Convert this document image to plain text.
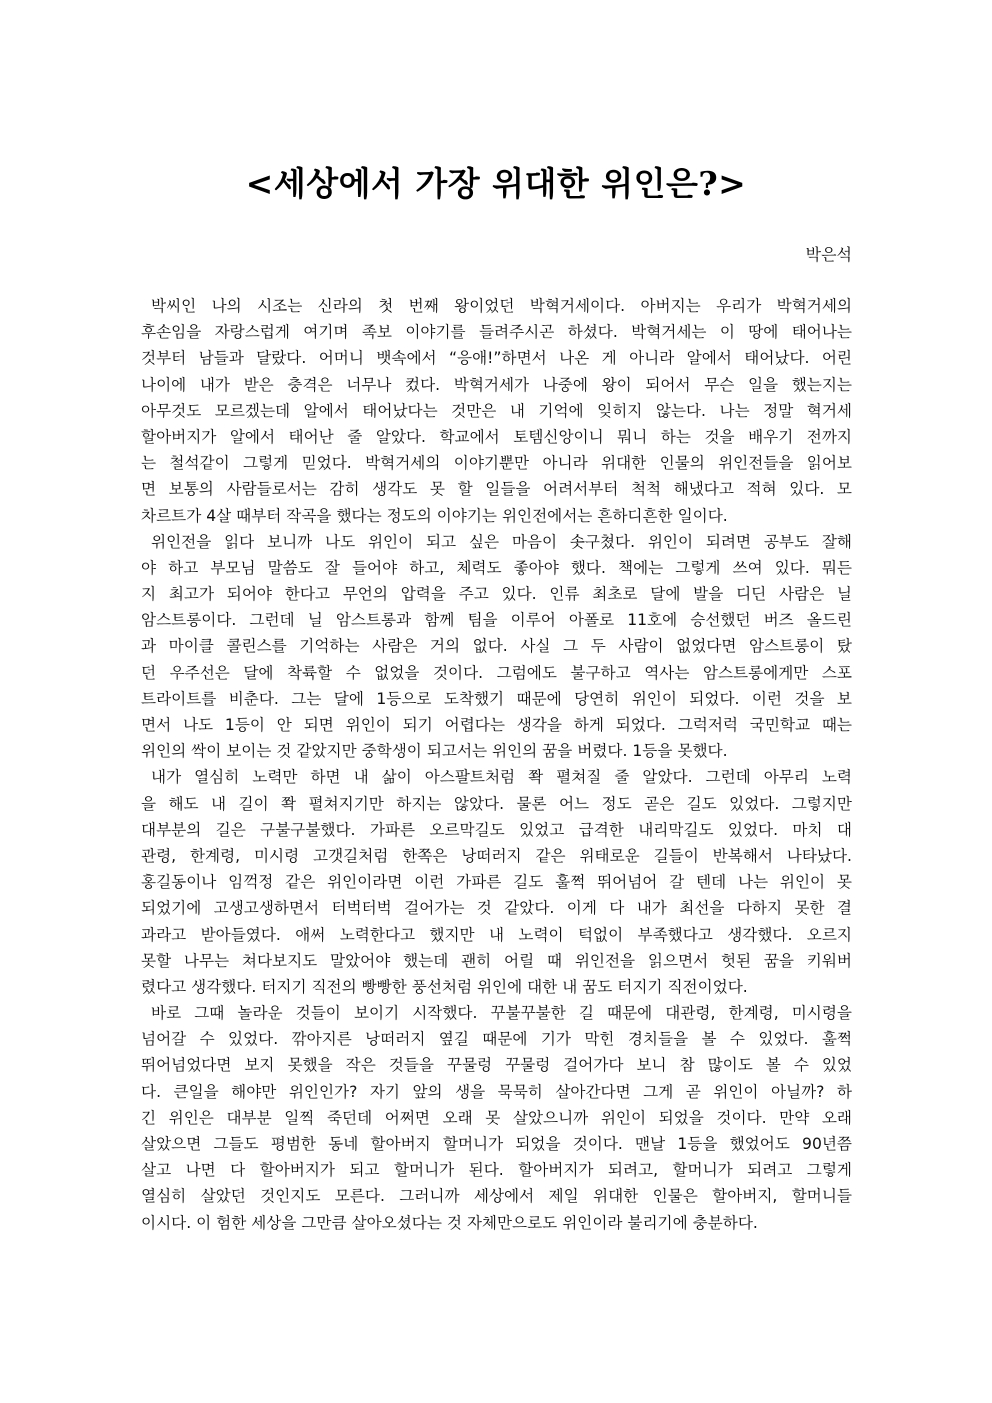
<세상에서 가장 위대한 위인은?>
박은석
박씨인 나의 시조는 신라의 첫 번째 왕이었던 박혁거세이다. 아버지는 우리가 박혁거세의
후손임을 자랑스럽게 여기며 족보 이야기를 들려주시곤 하셨다. 박혁거세는 이 땅에 태어나는
것부터 남들과 달랐다. 어머니 뱃속에서 “응애!”하면서 나온 게 아니라 알에서 태어났다. 어린
나이에 내가 받은 충격은 너무나 컸다. 박혁거세가 나중에 왕이 되어서 무슨 일을 했는지는
아무것도 모르겠는데 알에서 태어났다는 것만은 내 기억에 잊히지 않는다. 나는 정말 혁거세
할아버지가 알에서 태어난 줄 알았다. 학교에서 토템신앙이니 뭐니 하는 것을 배우기 전까지
는 철석같이 그렇게 믿었다. 박혁거세의 이야기뿐만 아니라 위대한 인물의 위인전들을 읽어보
면 보통의 사람들로서는 감히 생각도 못 할 일들을 어려서부터 척척 해냈다고 적혀 있다. 모
차르트가 4살 때부터 작곡을 했다는 정도의 이야기는 위인전에서는 흔하디흔한 일이다.
위인전을 읽다 보니까 나도 위인이 되고 싶은 마음이 솟구쳤다. 위인이 되려면 공부도 잘해
야 하고 부모님 말씀도 잘 들어야 하고, 체력도 좋아야 했다. 책에는 그렇게 쓰여 있다. 뭐든
지 최고가 되어야 한다고 무언의 압력을 주고 있다. 인류 최초로 달에 발을 디딘 사람은 닐
암스트롱이다. 그런데 닐 암스트롱과 함께 팀을 이루어 아폴로 11호에 승선했던 버즈 올드린
과 마이클 콜린스를 기억하는 사람은 거의 없다. 사실 그 두 사람이 없었다면 암스트롱이 탔
던 우주선은 달에 착륙할 수 없었을 것이다. 그럼에도 불구하고 역사는 암스트롱에게만 스포
트라이트를 비춘다. 그는 달에 1등으로 도착했기 때문에 당연히 위인이 되었다. 이런 것을 보
면서 나도 1등이 안 되면 위인이 되기 어렵다는 생각을 하게 되었다. 그럭저럭 국민학교 때는
위인의 싹이 보이는 것 같았지만 중학생이 되고서는 위인의 꿈을 버렸다. 1등을 못했다.
내가 열심히 노력만 하면 내 삶이 아스팔트처럼 쫙 펼쳐질 줄 알았다. 그런데 아무리 노력
을 해도 내 길이 쫙 펼쳐지기만 하지는 않았다. 물론 어느 정도 곧은 길도 있었다. 그렇지만
대부분의 길은 구불구불했다. 가파른 오르막길도 있었고 급격한 내리막길도 있었다. 마치 대
관령, 한계령, 미시령 고갯길처럼 한쪽은 낭떠러지 같은 위태로운 길들이 반복해서 나타났다.
홍길동이나 임꺽정 같은 위인이라면 이런 가파른 길도 훌쩍 뛰어넘어 갈 텐데 나는 위인이 못
되었기에 고생고생하면서 터벅터벅 걸어가는 것 같았다. 이게 다 내가 최선을 다하지 못한 결
과라고 받아들였다. 애써 노력한다고 했지만 내 노력이 턱없이 부족했다고 생각했다. 오르지
못할 나무는 쳐다보지도 말았어야 했는데 괜히 어릴 때 위인전을 읽으면서 헛된 꿈을 키워버
렸다고 생각했다. 터지기 직전의 빵빵한 풍선처럼 위인에 대한 내 꿈도 터지기 직전이었다.
바로 그때 놀라운 것들이 보이기 시작했다. 꾸불꾸불한 길 때문에 대관령, 한계령, 미시령을
넘어갈 수 있었다. 깎아지른 낭떠러지 옆길 때문에 기가 막힌 경치들을 볼 수 있었다. 훌쩍
뛰어넘었다면 보지 못했을 작은 것들을 꾸물렁 꾸물렁 걸어가다 보니 참 많이도 볼 수 있었
다. 큰일을 해야만 위인인가? 자기 앞의 생을 묵묵히 살아간다면 그게 곧 위인이 아닐까? 하
긴 위인은 대부분 일찍 죽던데 어쩌면 오래 못 살았으니까 위인이 되었을 것이다. 만약 오래
살았으면 그들도 평범한 동네 할아버지 할머니가 되었을 것이다. 맨날 1등을 했었어도 90년쯤
살고 나면 다 할아버지가 되고 할머니가 된다. 할아버지가 되려고, 할머니가 되려고 그렇게
열심히 살았던 것인지도 모른다. 그러니까 세상에서 제일 위대한 인물은 할아버지, 할머니들
이시다. 이 험한 세상을 그만큼 살아오셨다는 것 자체만으로도 위인이라 불리기에 충분하다.
